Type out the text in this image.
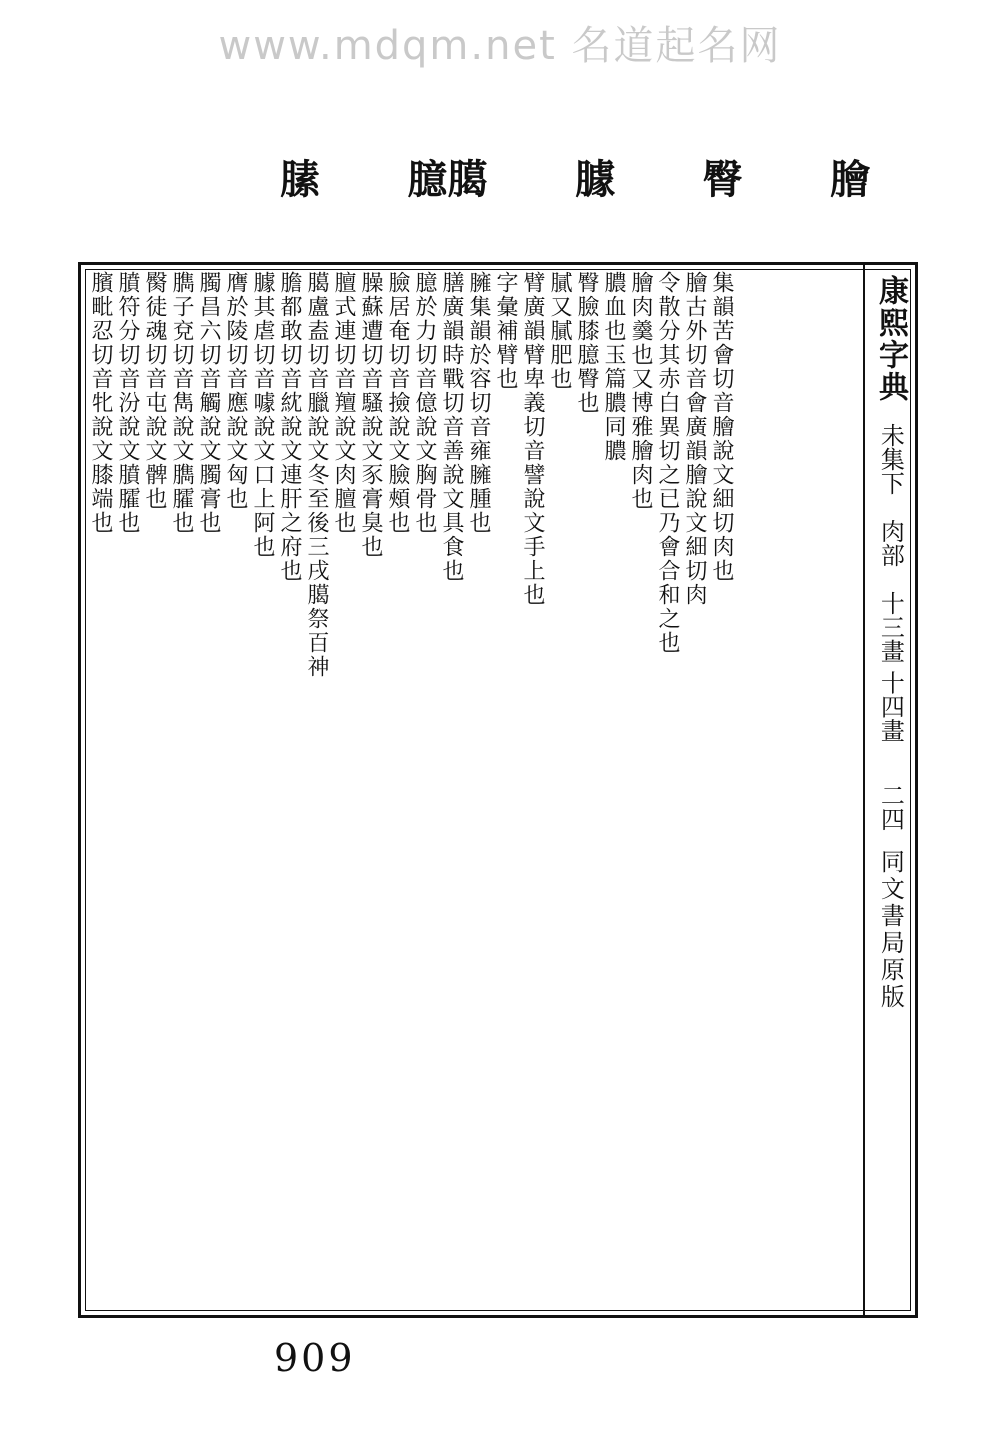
www.mdqm.net 名道起名网
膾
臀
臄
臆臈
膆
康熙字典
未集下
肉部
十三畫 十四畫
二四
同文書局原版

集韻苦會切音膾說文細切肉也

膾古外切音會廣韻膾說文細切肉

令散分其赤白異切之已乃會合和之也

膾肉羹也又博雅膾肉也

膿血也玉篇膿同膿

臀臉膝臆臀也

膩又膩肥也

臂廣韻臂卑義切音譬說文手上也

字彙補臂也

臃集韻於容切音雍臃腫也

膳廣韻時戰切音善說文具食也

臆於力切音億說文胸骨也

臉居奄切音撿說文臉頰也

臊蘇遭切音騷說文豕膏臭也

膻式連切音羶說文肉膻也

臈盧盍切音臘說文冬至後三戌臈祭百神

膽都敢切音紞說文連肝之府也

臄其虐切音噱說文口上阿也

膺於陵切音應說文匈也

臅昌六切音觸說文臅膏也

臇子兗切音雋說文臇臛也

臋徒魂切音屯說文髀也

膹符分切音汾說文膹臛也

臏毗忍切音牝說文膝端也

909
